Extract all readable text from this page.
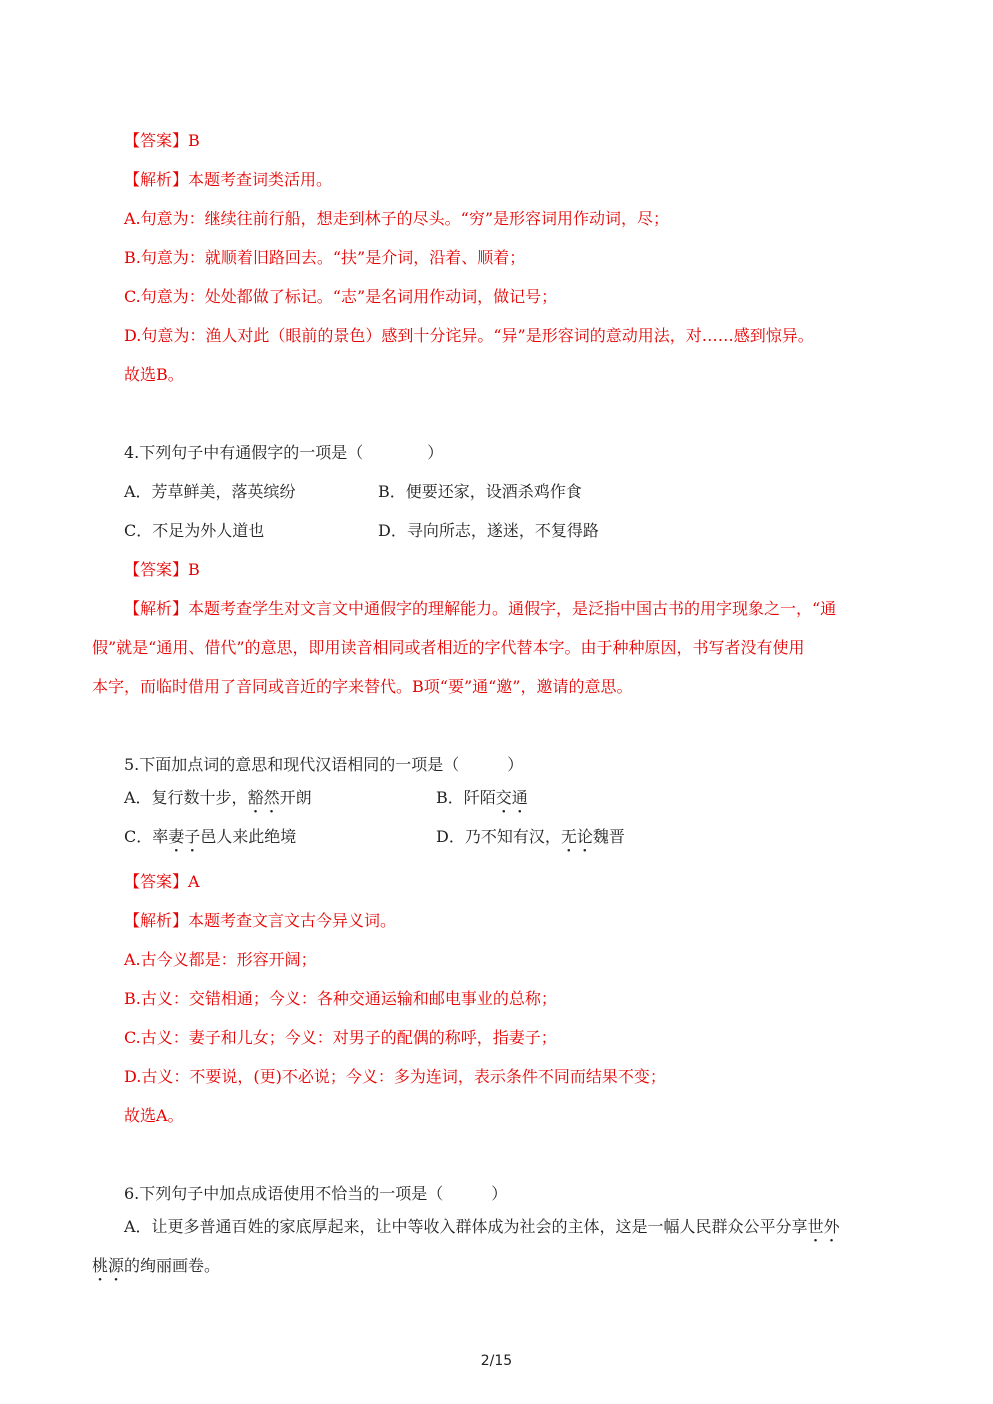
【答案】B
【解析】本题考查词类活用。
A.句意为：继续往前行船，想走到林子的尽头。“穷”是形容词用作动词，尽；
B.句意为：就顺着旧路回去。“扶”是介词，沿着、顺着；
C.句意为：处处都做了标记。“志”是名词用作动词，做记号；
D.句意为：渔人对此（眼前的景色）感到十分诧异。“异”是形容词的意动用法，对……感到惊异。
故选B。
4.下列句子中有通假字的一项是（　　　　）
A．芳草鲜美，落英缤纷	B．便要还家，设酒杀鸡作食
C．不足为外人道也	D．寻向所志，遂迷，不复得路
【答案】B
【解析】本题考查学生对文言文中通假字的理解能力。通假字，是泛指中国古书的用字现象之一，“通
假”就是“通用、借代”的意思，即用读音相同或者相近的字代替本字。由于种种原因，书写者没有使用
本字，而临时借用了音同或音近的字来替代。B项“要”通“邀”，邀请的意思。
5.下面加点词的意思和现代汉语相同的一项是（　　　）
A．复行数十步，豁然开朗	B．阡陌交通
C．率妻子邑人来此绝境	D．乃不知有汉，无论魏晋
【答案】A
【解析】本题考查文言文古今异义词。
A.古今义都是：形容开阔；
B.古义：交错相通；今义：各种交通运输和邮电事业的总称；
C.古义：妻子和儿女；今义：对男子的配偶的称呼，指妻子；
D.古义：不要说，(更)不必说；今义：多为连词，表示条件不同而结果不变；
故选A。
6.下列句子中加点成语使用不恰当的一项是（　　　）
A．让更多普通百姓的家底厚起来，让中等收入群体成为社会的主体，这是一幅人民群众公平分享世外
桃源的绚丽画卷。
2/15
